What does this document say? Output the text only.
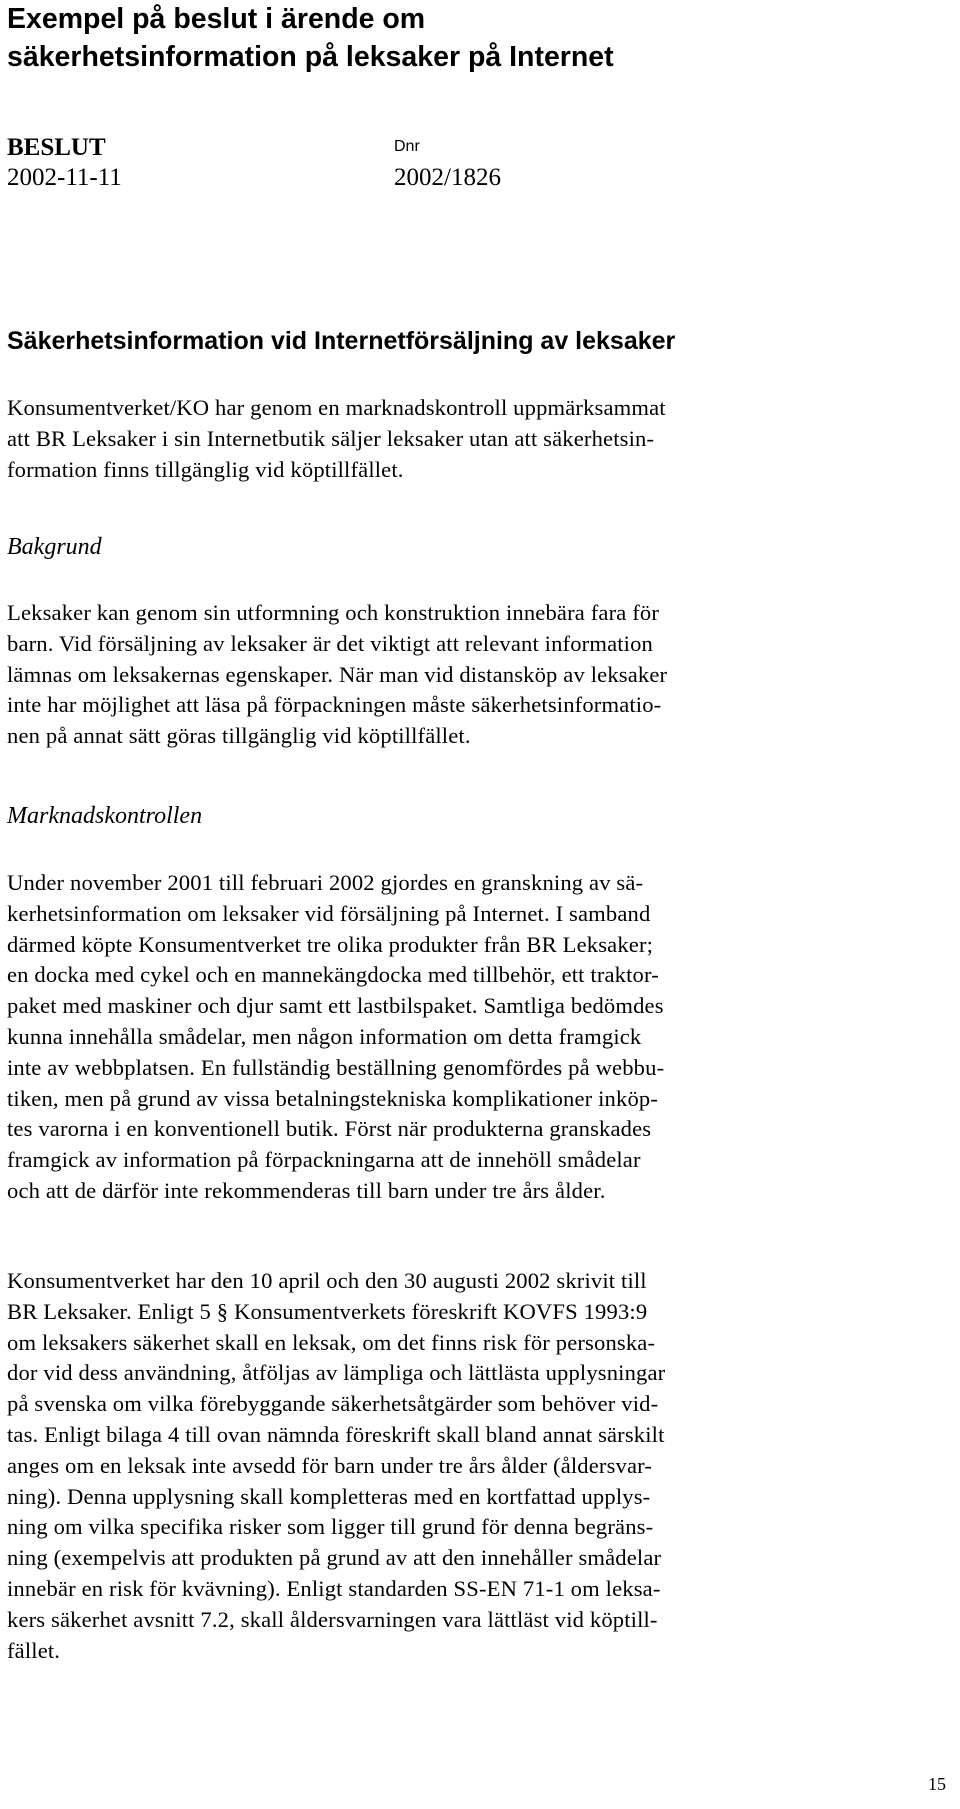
Exempel på beslut i ärende om
säkerhetsinformation på leksaker på Internet
BESLUT
2002-11-11
Dnr
2002/1826
Säkerhetsinformation vid Internetförsäljning av leksaker

Konsumentverket/KO har genom en marknadskontroll uppmärksammat
att BR Leksaker i sin Internetbutik säljer leksaker utan att säkerhetsin-
formation finns tillgänglig vid köptillfället.

Bakgrund

Leksaker kan genom sin utformning och konstruktion innebära fara för
barn. Vid försäljning av leksaker är det viktigt att relevant information
lämnas om leksakernas egenskaper. När man vid distansköp av leksaker
inte har möjlighet att läsa på förpackningen måste säkerhetsinformatio-
nen på annat sätt göras tillgänglig vid köptillfället.

Marknadskontrollen

Under november 2001 till februari 2002 gjordes en granskning av sä-
kerhetsinformation om leksaker vid försäljning på Internet. I samband
därmed köpte Konsumentverket tre olika produkter från BR Leksaker;
en docka med cykel och en mannekängdocka med tillbehör, ett traktor-
paket med maskiner och djur samt ett lastbilspaket. Samtliga bedömdes
kunna innehålla smådelar, men någon information om detta framgick
inte av webbplatsen. En fullständig beställning genomfördes på webbu-
tiken, men på grund av vissa betalningstekniska komplikationer inköp-
tes varorna i en konventionell butik. Först när produkterna granskades
framgick av information på förpackningarna att de innehöll smådelar
och att de därför inte rekommenderas till barn under tre års ålder.

Konsumentverket har den 10 april och den 30 augusti 2002 skrivit till
BR Leksaker. Enligt 5 § Konsumentverkets föreskrift KOVFS 1993:9
om leksakers säkerhet skall en leksak, om det finns risk för personska-
dor vid dess användning, åtföljas av lämpliga och lättlästa upplysningar
på svenska om vilka förebyggande säkerhetsåtgärder som behöver vid-
tas. Enligt bilaga 4 till ovan nämnda föreskrift skall bland annat särskilt
anges om en leksak inte avsedd för barn under tre års ålder (åldersvar-
ning). Denna upplysning skall kompletteras med en kortfattad upplys-
ning om vilka specifika risker som ligger till grund för denna begräns-
ning (exempelvis att produkten på grund av att den innehåller smådelar
innebär en risk för kvävning). Enligt standarden SS-EN 71-1 om leksa-
kers säkerhet avsnitt 7.2, skall åldersvarningen vara lättläst vid köptill-
fället.

15
